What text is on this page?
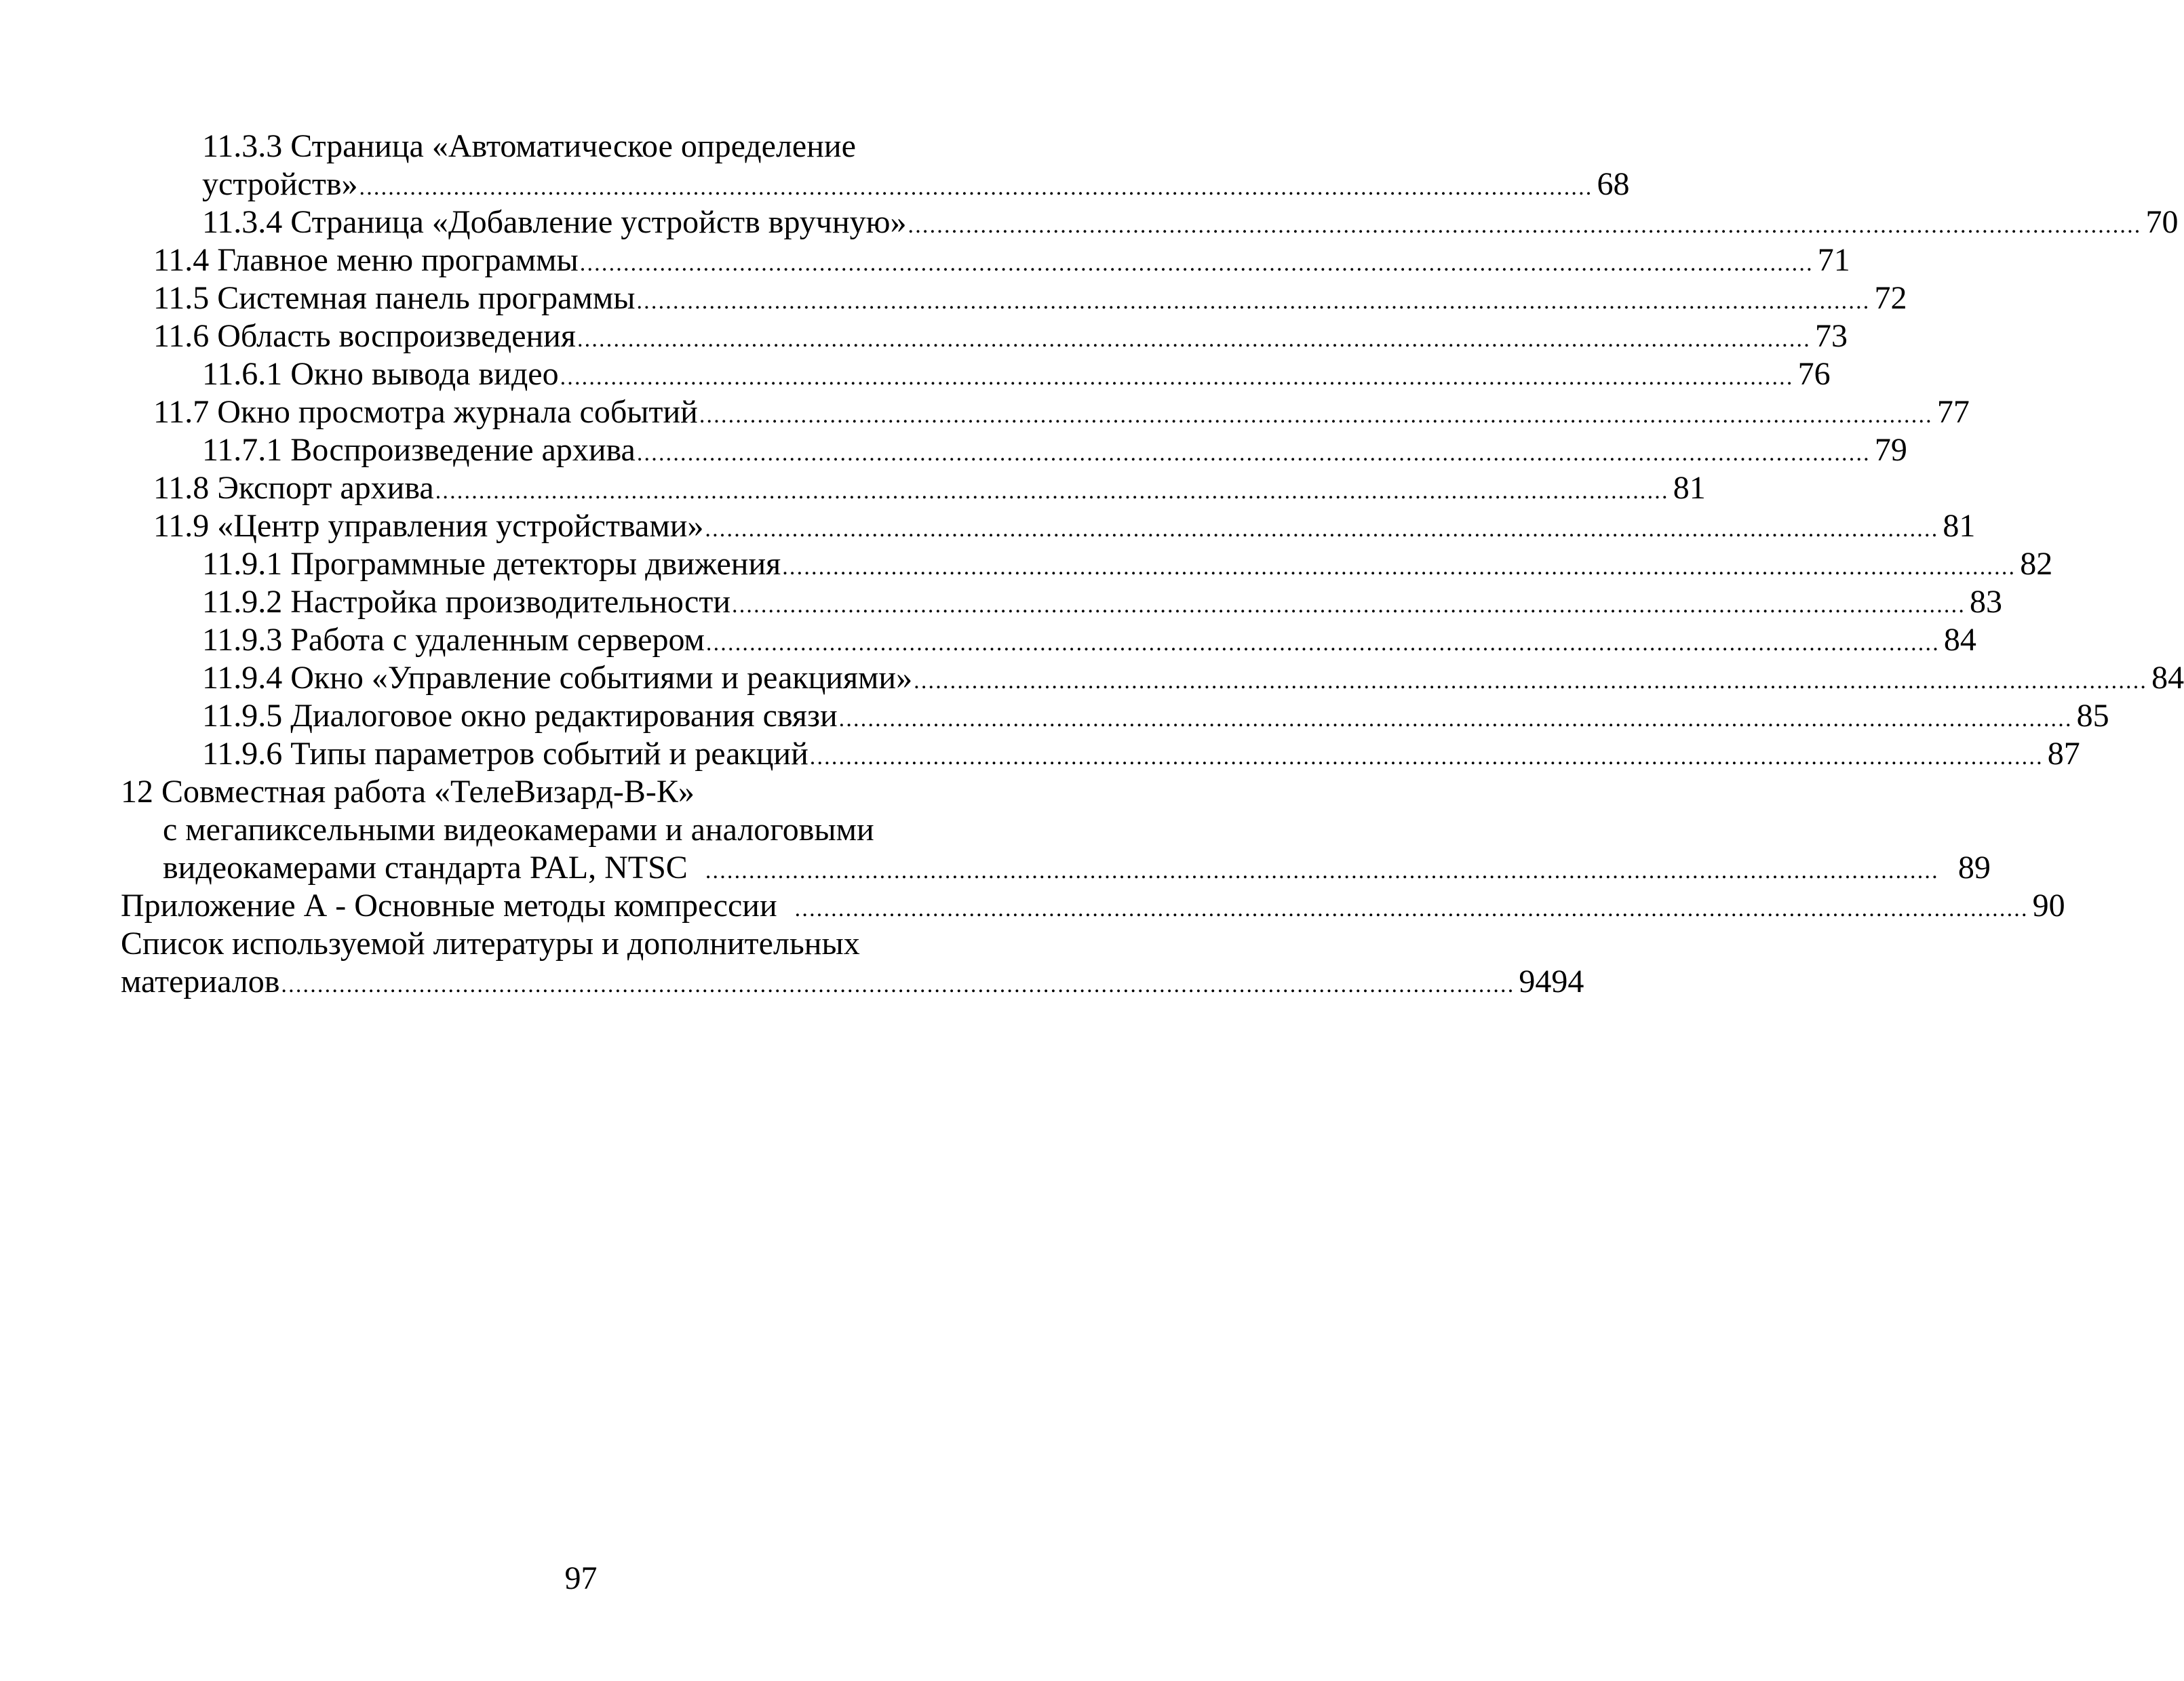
11.3.3 Страница «Автоматическое определение
устройств» .......................................................................................................................................................................... 68
11.3.4 Страница «Добавление устройств вручную» .......................................................................................................................................................................... 70
11.4 Главное меню программы .......................................................................................................................................................................... 71
11.5 Системная панель программы .......................................................................................................................................................................... 72
11.6 Область воспроизведения .......................................................................................................................................................................... 73
11.6.1 Окно вывода видео .......................................................................................................................................................................... 76
11.7 Окно просмотра журнала событий .......................................................................................................................................................................... 77
11.7.1 Воспроизведение архива .......................................................................................................................................................................... 79
11.8 Экспорт архива .......................................................................................................................................................................... 81
11.9 «Центр управления устройствами» .......................................................................................................................................................................... 81
11.9.1 Программные детекторы движения .......................................................................................................................................................................... 82
11.9.2 Настройка производительности .......................................................................................................................................................................... 83
11.9.3 Работа с удаленным сервером .......................................................................................................................................................................... 84
11.9.4 Окно «Управление событиями и реакциями» .......................................................................................................................................................................... 84
11.9.5 Диалоговое окно редактирования связи .......................................................................................................................................................................... 85
11.9.6 Типы параметров событий и реакций .......................................................................................................................................................................... 87
12 Совместная работа «ТелеВизард-В-К»
с мегапиксельными видеокамерами и аналоговыми
видеокамерами стандарта PAL, NTSC .......................................................................................................................................................................... 89
Приложение А - Основные методы компрессии .......................................................................................................................................................................... 90
Список используемой литературы и дополнительных
материалов .......................................................................................................................................................................... 9494
97
